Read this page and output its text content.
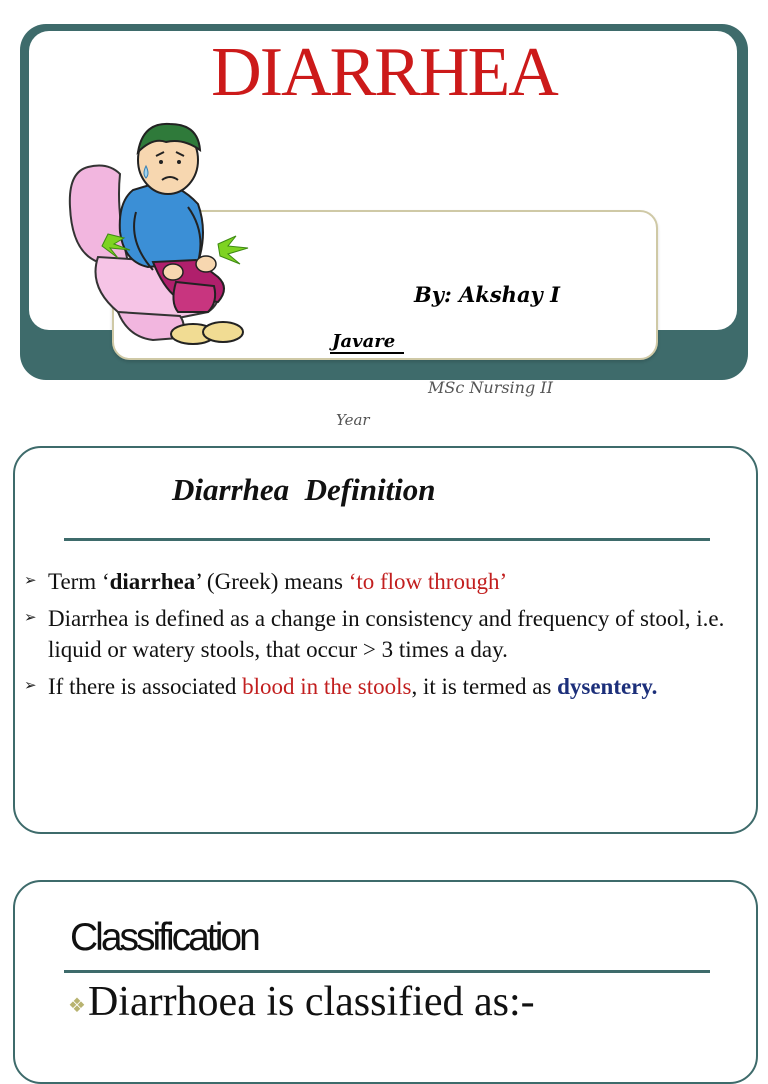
DIARRHEA
By: Akshay I
Javare
MSc Nursing II
Year
Diarrhea  Definition
➢ Term ‘diarrhea’ (Greek) means ‘to flow through’
➢ Diarrhea is defined as a change in consistency and frequency of stool, i.e. liquid or watery stools, that occur > 3 times a day.
➢ If there is associated blood in the stools, it is termed as dysentery.
Classification
❖Diarrhoea is classified as:-
